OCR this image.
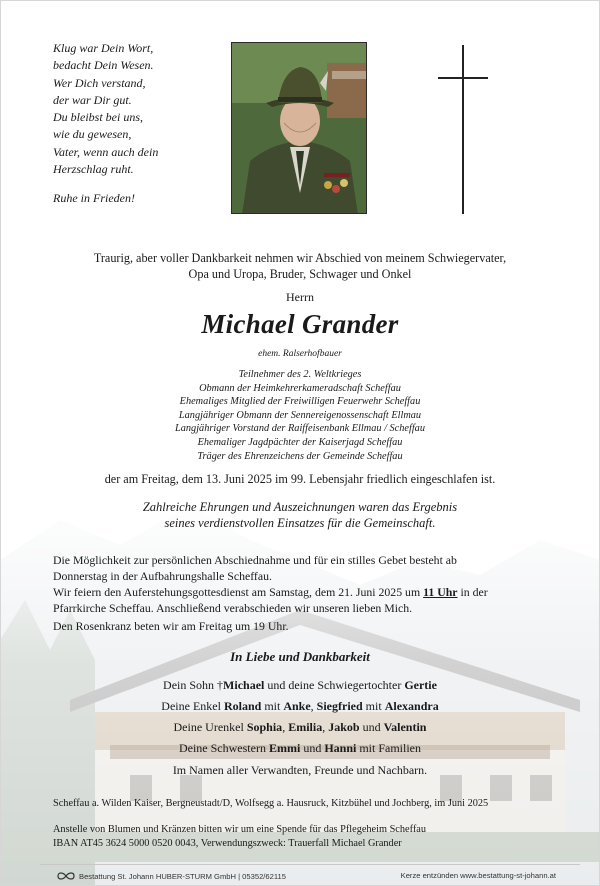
Klug war Dein Wort,
bedacht Dein Wesen.
Wer Dich verstand,
der war Dir gut.
Du bleibst bei uns,
wie du gewesen,
Vater, wenn auch dein
Herzschlag ruht.
Ruhe in Frieden!
Traurig, aber voller Dankbarkeit nehmen wir Abschied von meinem Schwiegervater,
Opa und Uropa, Bruder, Schwager und Onkel
Herrn
Michael Grander
ehem. Ralserhofbauer
Teilnehmer des 2. Weltkrieges
Obmann der Heimkehrerkameradschaft Scheffau
Ehemaliges Mitglied der Freiwilligen Feuerwehr Scheffau
Langjähriger Obmann der Sennereigenossenschaft Ellmau
Langjähriger Vorstand der Raiffeisenbank Ellmau / Scheffau
Ehemaliger Jagdpächter der Kaiserjagd Scheffau
Träger des Ehrenzeichens der Gemeinde Scheffau
der am Freitag, dem 13. Juni 2025 im 99. Lebensjahr friedlich eingeschlafen ist.
Zahlreiche Ehrungen und Auszeichnungen waren das Ergebnis
seines verdienstvollen Einsatzes für die Gemeinschaft.
Die Möglichkeit zur persönlichen Abschiednahme und für ein stilles Gebet besteht ab
Donnerstag in der Aufbahrungshalle Scheffau.
Wir feiern den Auferstehungsgottesdienst am Samstag, dem 21. Juni 2025 um 11 Uhr in der
Pfarrkirche Scheffau. Anschließend verabschieden wir unseren lieben Mich.
Den Rosenkranz beten wir am Freitag um 19 Uhr.
In Liebe und Dankbarkeit
Dein Sohn †Michael und deine Schwiegertochter Gertie
Deine Enkel Roland mit Anke, Siegfried mit Alexandra
Deine Urenkel Sophia, Emilia, Jakob und Valentin
Deine Schwestern Emmi und Hanni mit Familien
Im Namen aller Verwandten, Freunde und Nachbarn.
Scheffau a. Wilden Kaiser, Bergneustadt/D, Wolfsegg a. Hausruck, Kitzbühel und Jochberg, im Juni 2025
Anstelle von Blumen und Kränzen bitten wir um eine Spende für das Pflegeheim Scheffau
IBAN AT45 3624 5000 0520 0043, Verwendungszweck: Trauerfall Michael Grander
Bestattung St. Johann HUBER-STURM GmbH | 05352/62115	Kerze entzünden www.bestattung-st-johann.at
